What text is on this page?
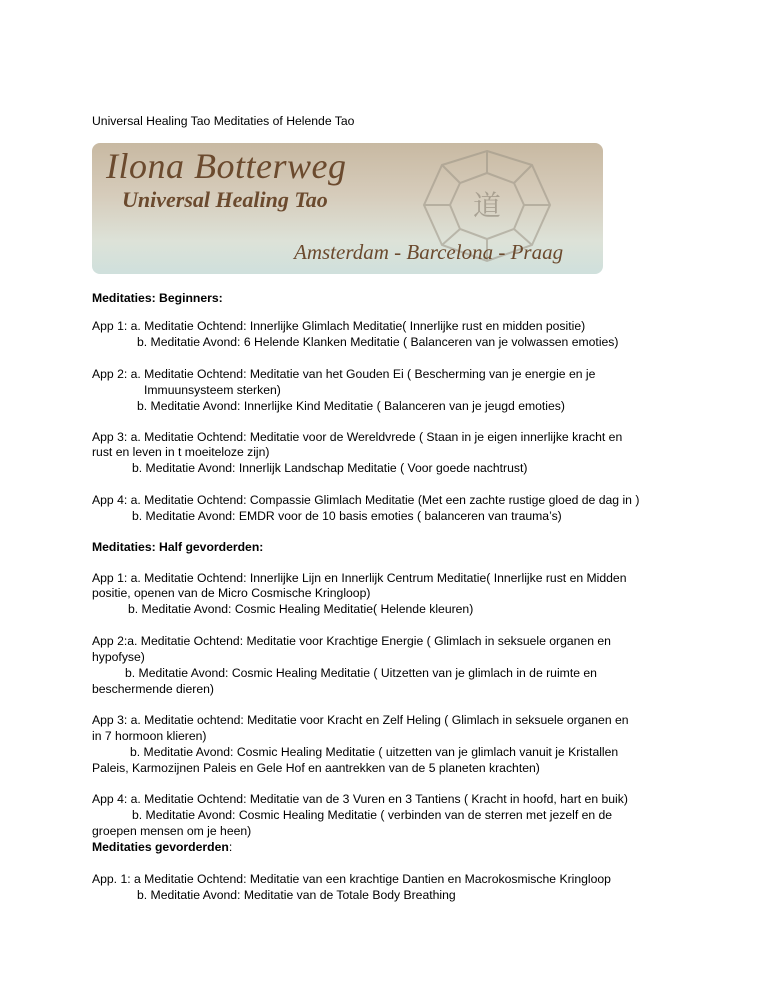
Universal Healing Tao Meditaties of Helende Tao
道
Ilona Botterweg
Universal Healing Tao
Amsterdam - Barcelona - Praag
Meditaties: Beginners:
App 1: a. Meditatie Ochtend: Innerlijke Glimlach Meditatie( Innerlijke rust en midden positie)
b. Meditatie Avond: 6 Helende Klanken Meditatie ( Balanceren van je volwassen emoties)
App 2: a. Meditatie Ochtend: Meditatie van het Gouden Ei ( Bescherming van je energie en je
Immuunsysteem sterken)
b. Meditatie Avond: Innerlijke Kind Meditatie ( Balanceren van je jeugd emoties)
App 3: a. Meditatie Ochtend: Meditatie voor de Wereldvrede ( Staan in je eigen innerlijke kracht en
rust en leven in t moeiteloze zijn)
b. Meditatie Avond: Innerlijk Landschap Meditatie ( Voor goede nachtrust)
App 4: a. Meditatie Ochtend: Compassie Glimlach Meditatie (Met een zachte rustige gloed de dag in )
b. Meditatie Avond: EMDR voor de 10 basis emoties ( balanceren van trauma’s)
Meditaties: Half gevorderden:
App 1: a. Meditatie Ochtend: Innerlijke Lijn en Innerlijk Centrum Meditatie( Innerlijke rust en Midden
positie, openen van de Micro Cosmische Kringloop)
b. Meditatie Avond: Cosmic Healing Meditatie( Helende kleuren)
App 2:a. Meditatie Ochtend: Meditatie voor Krachtige Energie ( Glimlach in seksuele organen en
hypofyse)
b. Meditatie Avond: Cosmic Healing Meditatie ( Uitzetten van je glimlach in de ruimte en
beschermende dieren)
App 3: a. Meditatie ochtend: Meditatie voor Kracht en Zelf Heling ( Glimlach in seksuele organen en
in 7 hormoon klieren)
b. Meditatie Avond: Cosmic Healing Meditatie ( uitzetten van je glimlach vanuit je Kristallen
Paleis, Karmozijnen Paleis en Gele Hof en aantrekken van de 5 planeten krachten)
App 4: a. Meditatie Ochtend: Meditatie van de 3 Vuren en 3 Tantiens ( Kracht in hoofd, hart en buik)
b. Meditatie Avond: Cosmic Healing Meditatie ( verbinden van de sterren met jezelf en de
groepen mensen om je heen)
Meditaties gevorderden:
App. 1: a Meditatie Ochtend: Meditatie van een krachtige Dantien en Macrokosmische Kringloop
b. Meditatie Avond: Meditatie van de Totale Body Breathing
